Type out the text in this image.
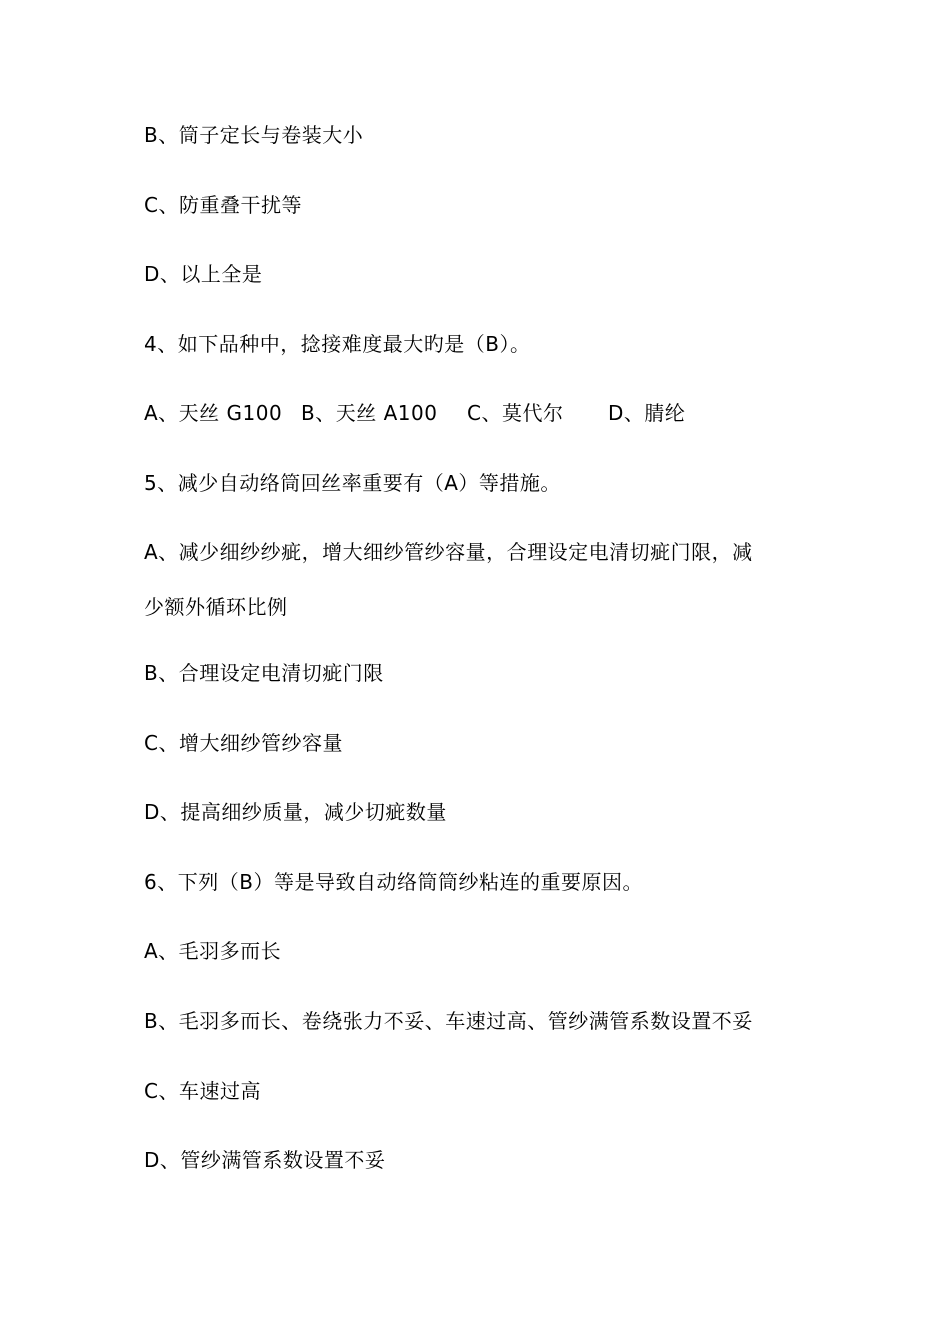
B、筒子定长与卷装大小
C、防重叠干扰等
D、以上全是
4、如下品种中，捻接难度最大旳是（B）。
A、天丝 G100 B、天丝 A100 C、莫代尔 D、腈纶
5、减少自动络筒回丝率重要有（A）等措施。
A、减少细纱纱疵，增大细纱管纱容量，合理设定电清切疵门限，减
少额外循环比例
B、合理设定电清切疵门限
C、增大细纱管纱容量
D、提高细纱质量，减少切疵数量
6、下列（B）等是导致自动络筒筒纱粘连的重要原因。
A、毛羽多而长
B、毛羽多而长、卷绕张力不妥、车速过高、管纱满管系数设置不妥
C、车速过高
D、管纱满管系数设置不妥
